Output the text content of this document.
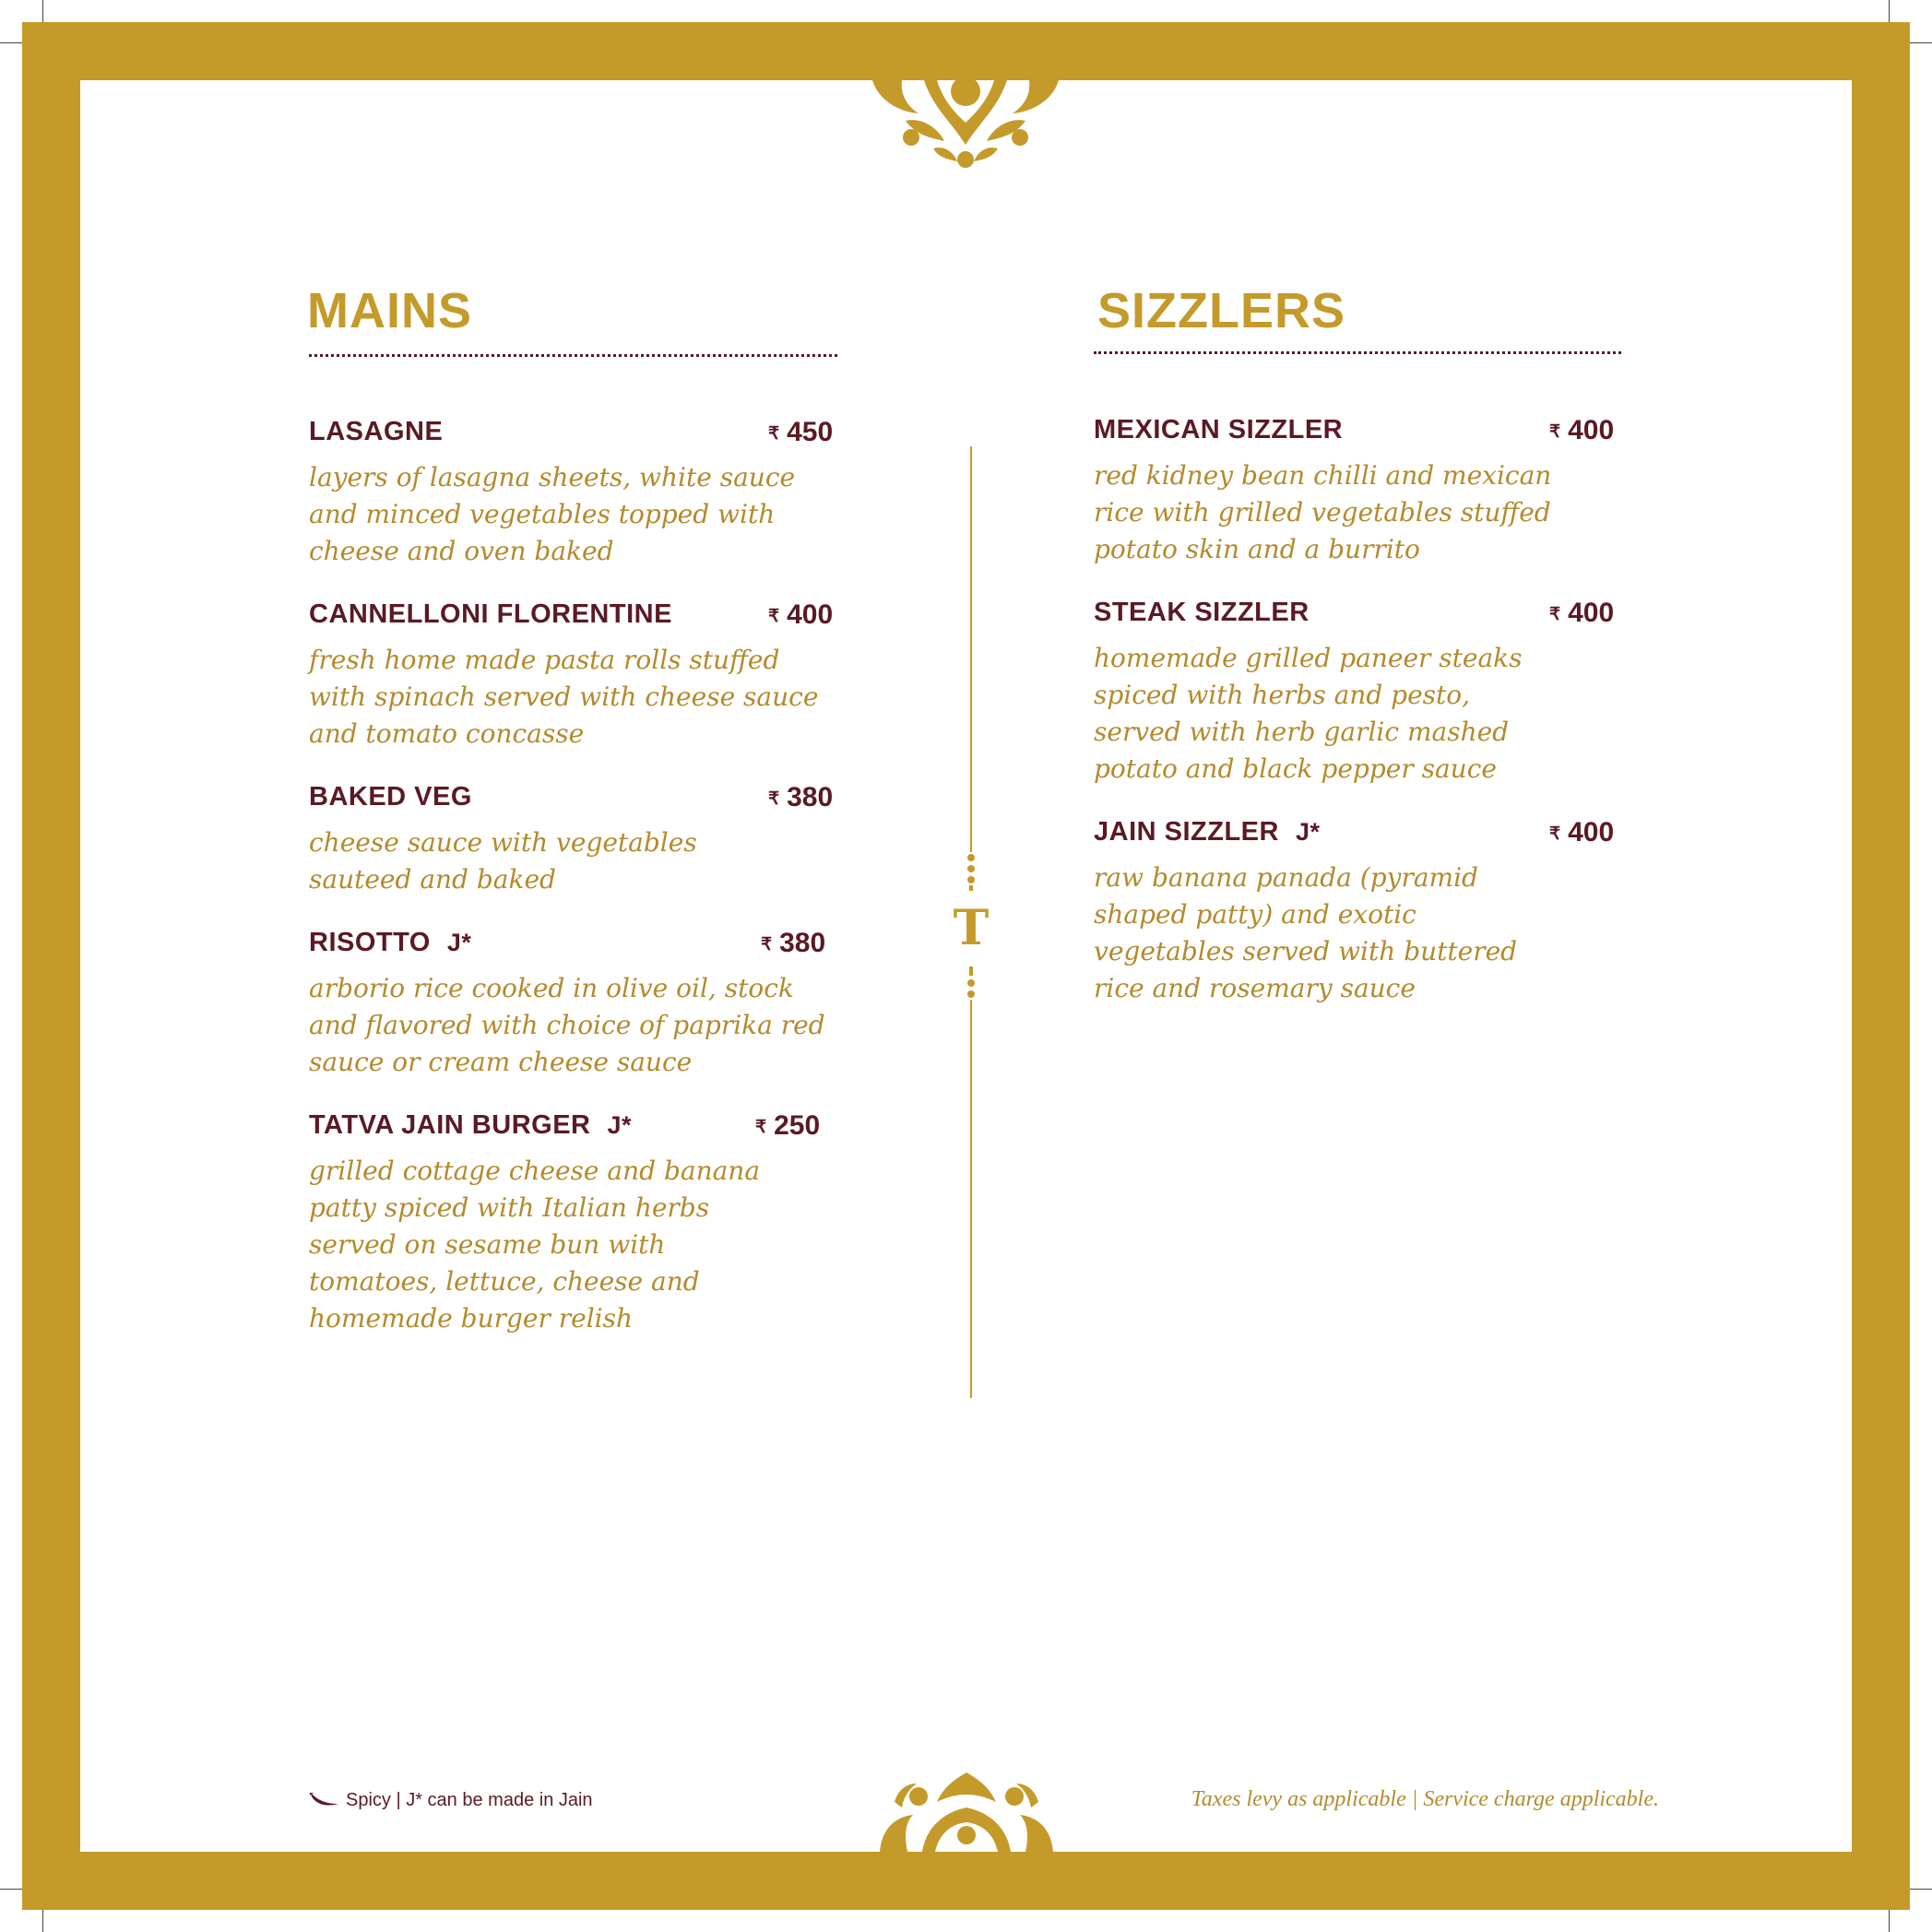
MAINS
LASAGNE	₹ 450
layers of lasagna sheets, white sauce and minced vegetables topped with cheese and oven baked
CANNELLONI FLORENTINE	₹ 400
fresh home made pasta rolls stuffed with spinach served with cheese sauce and tomato concasse
BAKED VEG	₹ 380
cheese sauce with vegetables sauteed and baked
RISOTTO J*	₹ 380
arborio rice cooked in olive oil, stock and flavored with choice of paprika red sauce or cream cheese sauce
TATVA JAIN BURGER J*	₹ 250
grilled cottage cheese and banana patty spiced with Italian herbs served on sesame bun with tomatoes, lettuce, cheese and homemade burger relish
T
SIZZLERS
MEXICAN SIZZLER	₹ 400
red kidney bean chilli and mexican rice with grilled vegetables stuffed potato skin and a burrito
STEAK SIZZLER	₹ 400
homemade grilled paneer steaks spiced with herbs and pesto, served with herb garlic mashed potato and black pepper sauce
JAIN SIZZLER J*	₹ 400
raw banana panada (pyramid shaped patty) and exotic vegetables served with buttered rice and rosemary sauce
Spicy | J* can be made in Jain	Taxes levy as applicable | Service charge applicable.
